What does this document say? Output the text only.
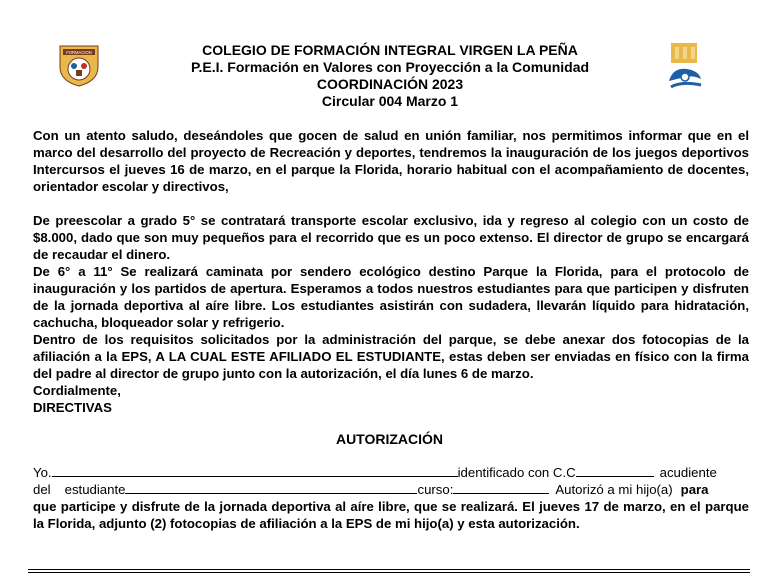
FORMACION	COLEGIO DE FORMACIÓN INTEGRAL VIRGEN LA PEÑA
P.E.I. Formación en Valores con Proyección a la Comunidad
COORDINACIÓN 2023
Circular 004 Marzo 1

Con un atento saludo, deseándoles que gocen de salud en unión familiar, nos permitimos informar que en el marco del desarrollo del proyecto de Recreación y deportes, tendremos la inauguración de los juegos deportivos Intercursos el jueves 16 de marzo, en el parque la Florida, horario habitual con el acompañamiento de docentes, orientador escolar y directivos,

De preescolar a grado 5° se contratará transporte escolar exclusivo, ida y regreso al colegio con un costo de $8.000, dado que son muy pequeños para el recorrido que es un poco extenso. El director de grupo se encargará de recaudar el dinero.

De 6° a 11° Se realizará caminata por sendero ecológico destino Parque la Florida, para el protocolo de inauguración y los partidos de apertura. Esperamos a todos nuestros estudiantes para que participen y disfruten de la jornada deportiva al aíre libre. Los estudiantes asistirán con sudadera, llevarán líquido para hidratación, cachucha, bloqueador solar y refrigerio.

Dentro de los requisitos solicitados por la administración del parque, se debe anexar dos fotocopias de la afiliación a la EPS, A LA CUAL ESTE AFILIADO EL ESTUDIANTE, estas deben ser enviadas en físico con la firma del padre al director de grupo junto con la autorización, el día lunes 6 de marzo.

Cordialmente,

DIRECTIVAS

AUTORIZACIÓN
Yo.	identificado con C.C	acudiente
del estudiante	curso:	Autorizó a mi hijo(a) para

que participe y disfrute de la jornada deportiva al aíre libre, que se realizará. El jueves 17 de marzo, en el parque la Florida, adjunto (2) fotocopias de afiliación a la EPS de mi hijo(a) y esta autorización.
